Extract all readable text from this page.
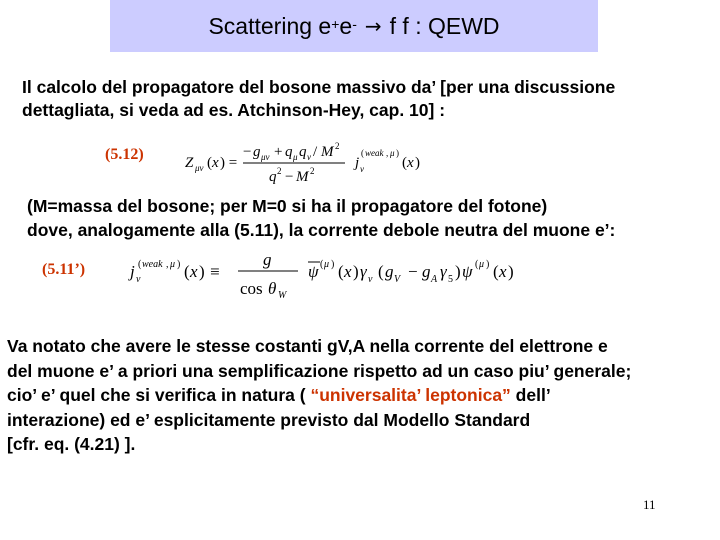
Scattering e+ e- → f f : QEWD
Il calcolo del propagatore del bosone massivo da’ [per una discussione
dettagliata, si veda ad es. Atchinson-Hey, cap. 10] :
(5.12)	Z μν ( x ) =
− g μν + q μ q ν / M 2
q 2 − M 2	j ν
( weak , μ )
( x )
(M=massa del bosone; per M=0 si ha il propagatore del fotone)
dove, analogamente alla (5.11), la corrente debole neutra del muone e’:
(5.11’)	j ν
( weak , μ ) ( x ) ≡
g
cos θ W
ψ ( μ ) ( x ) γ ν ( g V − g A γ 5 ) ψ ( μ ) ( x )
Va notato che avere le stesse costanti gV,A nella corrente del elettrone e
del muone e’ a priori una semplificazione rispetto ad un caso piu’ generale;
cio’ e’ quel che si verifica in natura ( “universalita’ leptonica” dell’
interazione) ed e’ esplicitamente previsto dal Modello Standard
[cfr. eq. (4.21) ].
11
